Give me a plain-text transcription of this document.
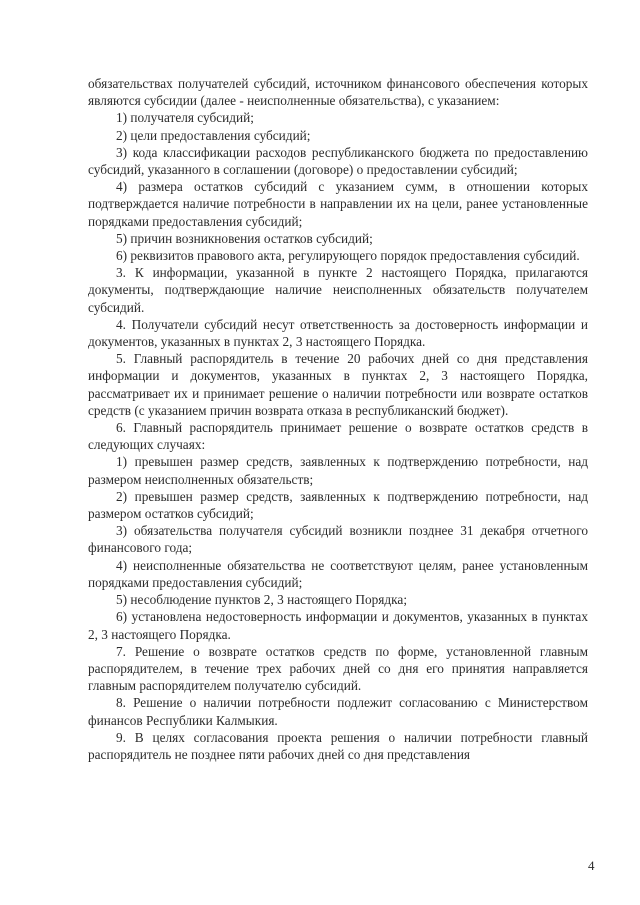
обязательствах получателей субсидий, источником финансового обеспечения которых являются субсидии (далее - неисполненные обязательства), с указанием:

1) получателя субсидий;

2) цели предоставления субсидий;

3) кода классификации расходов республиканского бюджета по предоставлению субсидий, указанного в соглашении (договоре) о предоставлении субсидий;

4) размера остатков субсидий с указанием сумм, в отношении которых подтверждается наличие потребности в направлении их на цели, ранее установленные порядками предоставления субсидий;

5) причин возникновения остатков субсидий;

6) реквизитов правового акта, регулирующего порядок предоставления субсидий.

3. К информации, указанной в пункте 2 настоящего Порядка, прилагаются документы, подтверждающие наличие неисполненных обязательств получателем субсидий.

4. Получатели субсидий несут ответственность за достоверность информации и документов, указанных в пунктах 2, 3 настоящего Порядка.

5. Главный распорядитель в течение 20 рабочих дней со дня представления информации и документов, указанных в пунктах 2, 3 настоящего Порядка, рассматривает их и принимает решение о наличии потребности или возврате остатков средств (с указанием причин возврата отказа в республиканский бюджет).

6. Главный распорядитель принимает решение о возврате остатков средств в следующих случаях:

1) превышен размер средств, заявленных к подтверждению потребности, над размером неисполненных обязательств;

2) превышен размер средств, заявленных к подтверждению потребности, над размером остатков субсидий;

3) обязательства получателя субсидий возникли позднее 31 декабря отчетного финансового года;

4) неисполненные обязательства не соответствуют целям, ранее установленным порядками предоставления субсидий;

5) несоблюдение пунктов 2, 3 настоящего Порядка;

6) установлена недостоверность информации и документов, указанных в пунктах 2, 3 настоящего Порядка.

7. Решение о возврате остатков средств по форме, установленной главным распорядителем, в течение трех рабочих дней со дня его принятия направляется главным распорядителем получателю субсидий.

8. Решение о наличии потребности подлежит согласованию с Министерством финансов Республики Калмыкия.

9. В целях согласования проекта решения о наличии потребности главный распорядитель не позднее пяти рабочих дней со дня представления

4
